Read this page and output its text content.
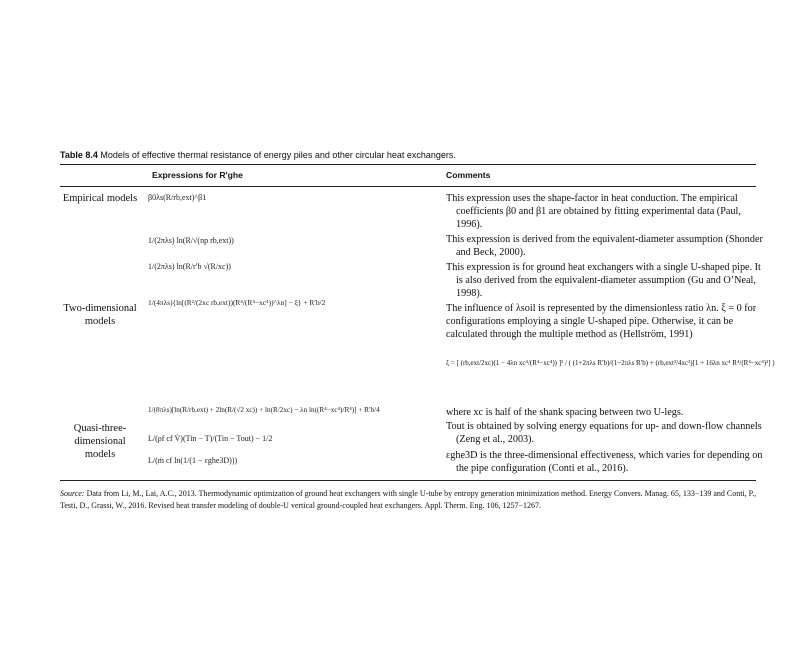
Table 8.4 Models of effective thermal resistance of energy piles and other circular heat exchangers.
Expressions for R′ghe	Comments
Empirical models
Two-dimensional models
Quasi-three-dimensional models
β0λs(R/rb,ext)^β1
1/(2πλs) ln(R/√(np rb,ext))
1/(2πλs) ln(R/r′b √(R/xc))
1/(4πλs){ln[(R²/(2xc rb,ext))(R⁴/(R⁴−xc⁴))^λn] − ξ} + R′b/2
1/(8πλs)[ln(R/rb,ext) + 2ln(R/(√2 xc)) + ln(R/2xc) − λn ln((R⁴−xc⁴)/R⁴)] + R′b/4
L/(ρf cf V̇)(Tin − T)/(Tin − Tout) − 1/2
L/(ṁ cf ln(1/(1 − εghe3D)))
This expression uses the shape-factor in heat conduction. The empirical coefficients β0 and β1 are obtained by fitting experimental data (Paul, 1996).
This expression is derived from the equivalent-diameter assumption (Shonder and Beck, 2000).
This expression is for ground heat exchangers with a single U-shaped pipe. It is also derived from the equivalent-diameter assumption (Gu and O’Neal, 1998).
The influence of λsoil is represented by the dimensionless ratio λn. ξ = 0 for configurations employing a single U-shaped pipe. Otherwise, it can be calculated through the multiple method as (Hellström, 1991)
ξ = [ (rb,ext/2xc)(1 − 4λn xc⁴/(R⁴−xc⁴)) ]² / ( (1+2πλs R′b)/(1−2πλs R′b) + (rb,ext²/4xc²)[1 + 16λn xc⁴ R⁴/(R⁴−xc⁴)²] )
where xc is half of the shank spacing between two U-legs.
Tout is obtained by solving energy equations for up- and down-flow channels (Zeng et al., 2003).
εghe3D is the three-dimensional effectiveness, which varies for depending on the pipe configuration (Conti et al., 2016).
Source: Data from Li, M., Lai, A.C., 2013. Thermodynamic optimization of ground heat exchangers with single U-tube by entropy generation minimization method. Energy Convers. Manag. 65, 133−139 and Conti, P., Testi, D., Grassi, W., 2016. Revised heat transfer modeling of double-U vertical ground-coupled heat exchangers. Appl. Therm. Eng. 106, 1257−1267.
